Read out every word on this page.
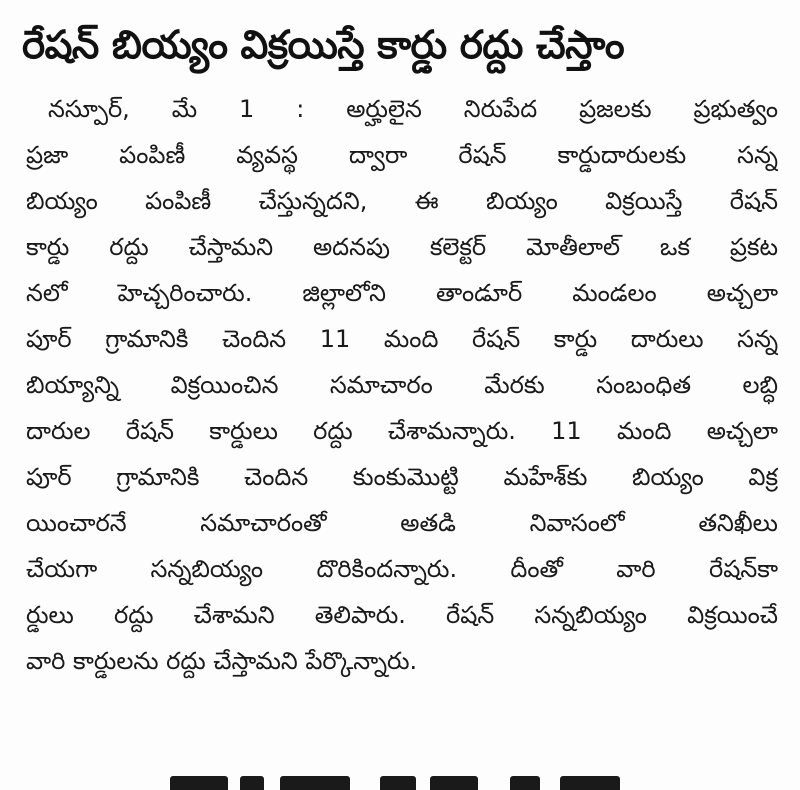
రేషన్ బియ్యం విక్రయిస్తే కార్డు రద్దు చేస్తాం
నస్పూర్, మే 1 : అర్హులైన నిరుపేద ప్రజలకు ప్రభుత్వం
ప్రజా పంపిణీ వ్యవస్థ ద్వారా రేషన్ కార్డుదారులకు సన్న
బియ్యం పంపిణీ చేస్తున్నదని, ఈ బియ్యం విక్రయిస్తే రేషన్
కార్డు రద్దు చేస్తామని అదనపు కలెక్టర్ మోతీలాల్ ఒక ప్రకట
నలో హెచ్చరించారు. జిల్లాలోని తాండూర్ మండలం అచ్చలా
పూర్ గ్రామానికి చెందిన 11 మంది రేషన్ కార్డు దారులు సన్న
బియ్యాన్ని విక్రయించిన సమాచారం మేరకు సంబంధిత లబ్ధి
దారుల రేషన్ కార్డులు రద్దు చేశామన్నారు. 11 మంది అచ్చలా
పూర్ గ్రామానికి చెందిన కుంకుమొట్టి మహేశ్‌కు బియ్యం విక్ర
యించారనే సమాచారంతో అతడి నివాసంలో తనిఖీలు
చేయగా సన్నబియ్యం దొరికిందన్నారు. దీంతో వారి రేషన్‌కా
ర్డులు రద్దు చేశామని తెలిపారు. రేషన్ సన్నబియ్యం విక్రయించే
వారి కార్డులను రద్దు చేస్తామని పేర్కొన్నారు.
